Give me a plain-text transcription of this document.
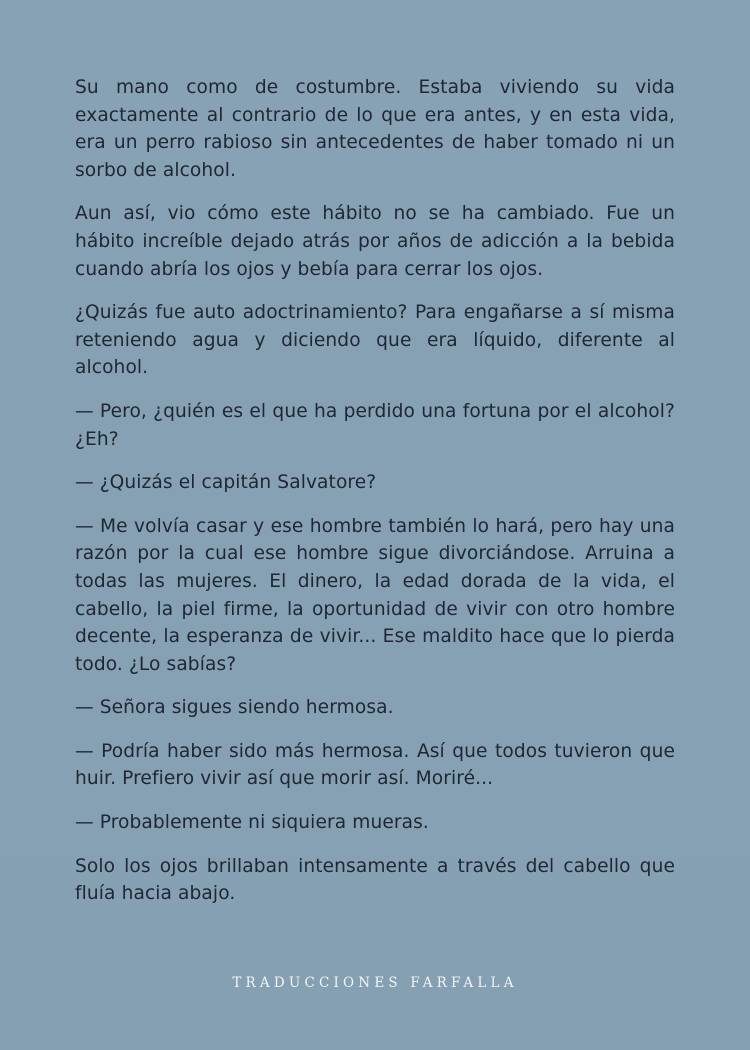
Su mano como de costumbre. Estaba viviendo su vida exactamente al contrario de lo que era antes, y en esta vida, era un perro rabioso sin antecedentes de haber tomado ni un sorbo de alcohol.

Aun así, vio cómo este hábito no se ha cambiado. Fue un hábito increíble dejado atrás por años de adicción a la bebida cuando abría los ojos y bebía para cerrar los ojos.

¿Quizás fue auto adoctrinamiento? Para engañarse a sí misma reteniendo agua y diciendo que era líquido, diferente al alcohol.

— Pero, ¿quién es el que ha perdido una fortuna por el alcohol? ¿Eh?

— ¿Quizás el capitán Salvatore?

— Me volvía casar y ese hombre también lo hará, pero hay una razón por la cual ese hombre sigue divorciándose. Arruina a todas las mujeres. El dinero, la edad dorada de la vida, el cabello, la piel firme, la oportunidad de vivir con otro hombre decente, la esperanza de vivir... Ese maldito hace que lo pierda todo. ¿Lo sabías?

— Señora sigues siendo hermosa.

— Podría haber sido más hermosa. Así que todos tuvieron que huir. Prefiero vivir así que morir así. Moriré...

— Probablemente ni siquiera mueras.

Solo los ojos brillaban intensamente a través del cabello que fluía hacia abajo.

TRADUCCIONES FARFALLA
